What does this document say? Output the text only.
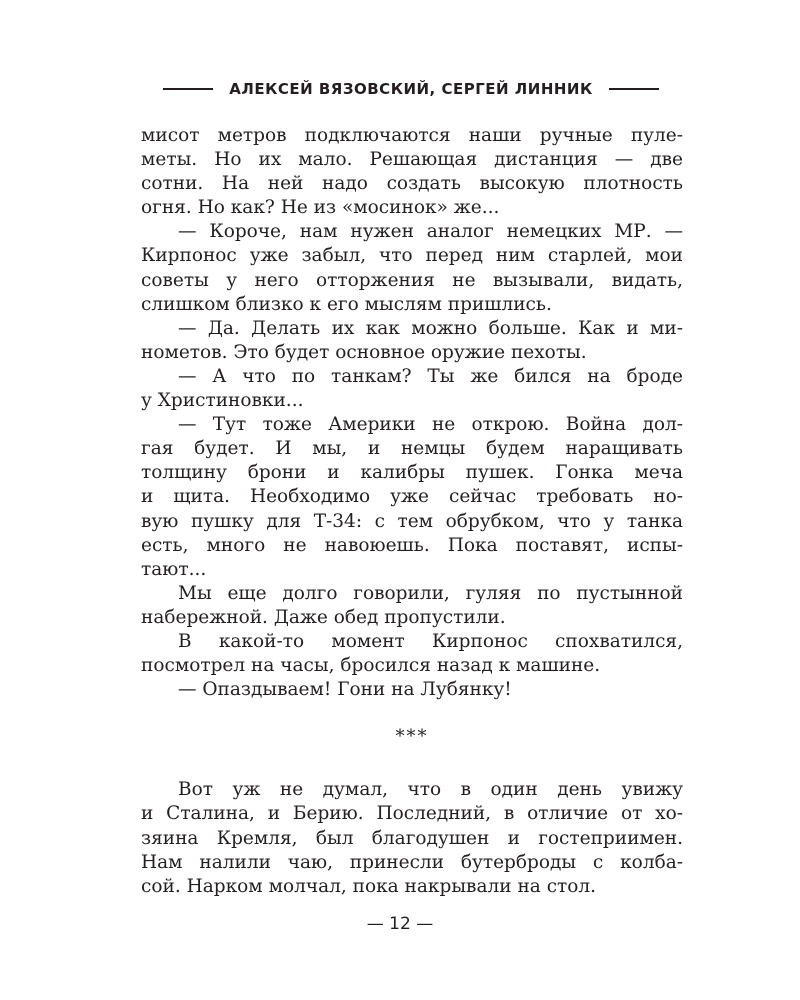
АЛЕКСЕЙ ВЯЗОВСКИЙ, СЕРГЕЙ ЛИННИК

мисот метров подключаются наши ручные пуле-
меты. Но их мало. Решающая дистанция — две
сотни. На ней надо создать высокую плотность
огня. Но как? Не из «мосинок» же...

— Короче, нам нужен аналог немецких МР. —
Кирпонос уже забыл, что перед ним старлей, мои
советы у него отторжения не вызывали, видать,
слишком близко к его мыслям пришлись.

— Да. Делать их как можно больше. Как и ми-
нометов. Это будет основное оружие пехоты.

— А что по танкам? Ты же бился на броде
у Христиновки...

— Тут тоже Америки не открою. Война дол-
гая будет. И мы, и немцы будем наращивать
толщину брони и калибры пушек. Гонка меча
и щита. Необходимо уже сейчас требовать но-
вую пушку для Т-34: с тем обрубком, что у танка
есть, много не навоюешь. Пока поставят, испы-
тают...

Мы еще долго говорили, гуляя по пустынной
набережной. Даже обед пропустили.

В какой-то момент Кирпонос спохватился,
посмотрел на часы, бросился назад к машине.

— Опаздываем! Гони на Лубянку!

***

Вот уж не думал, что в один день увижу
и Сталина, и Берию. Последний, в отличие от хо-
зяина Кремля, был благодушен и гостеприимен.
Нам налили чаю, принесли бутерброды с колба-
сой. Нарком молчал, пока накрывали на стол.

— 12 —
